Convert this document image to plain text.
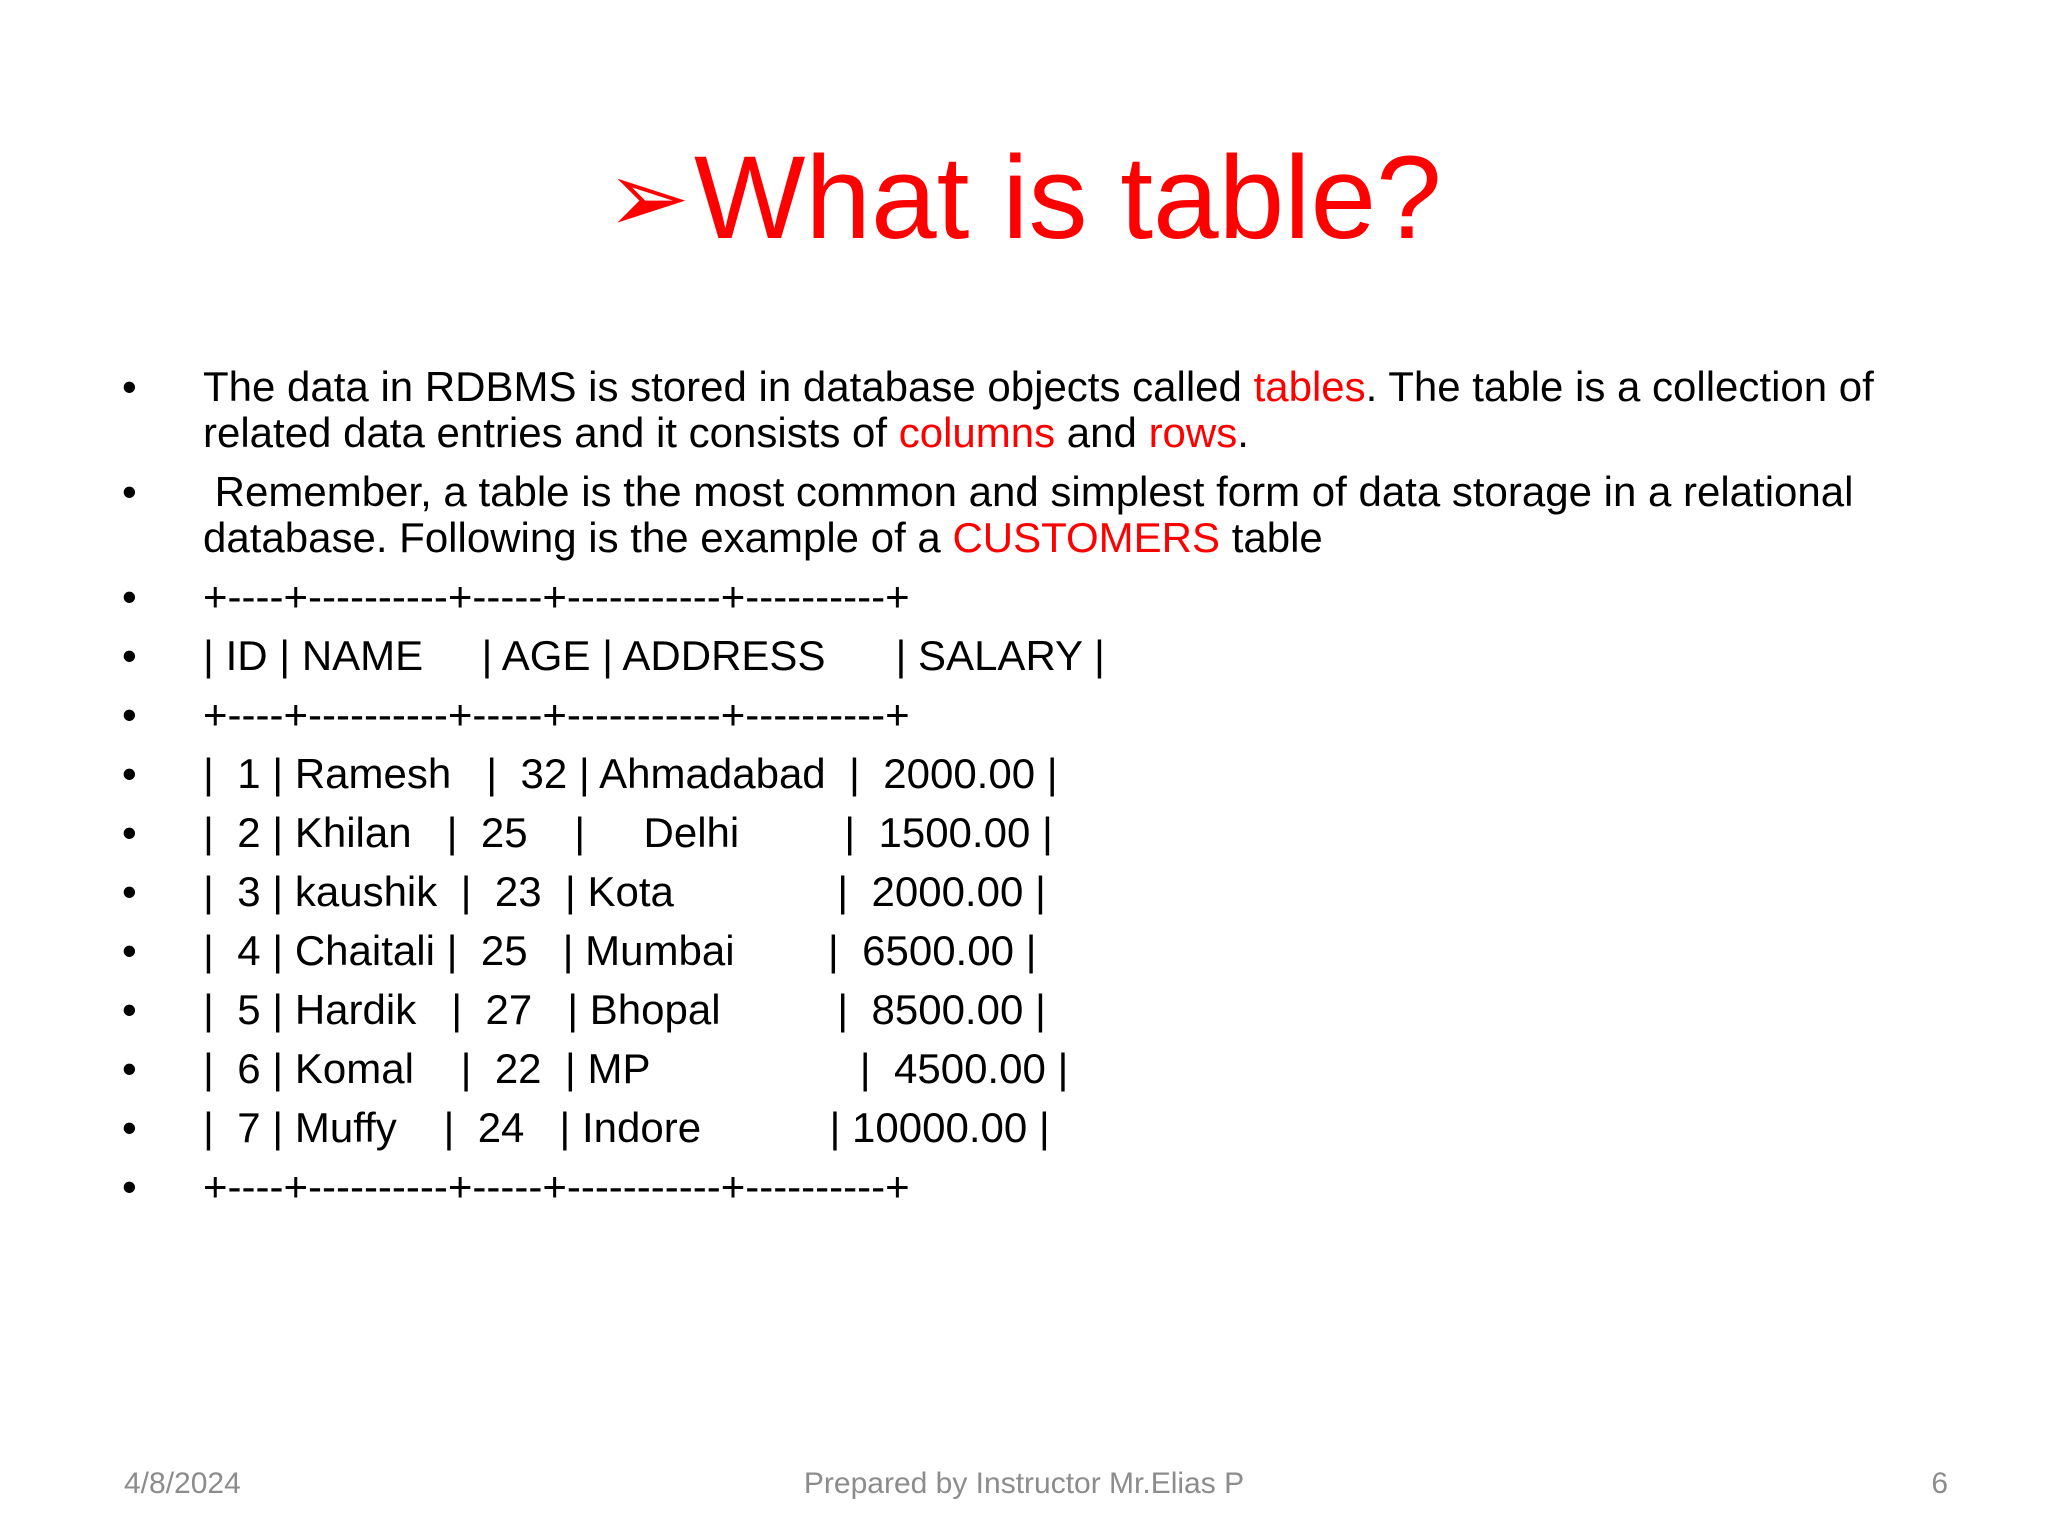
➢What is table?
• The data in RDBMS is stored in database objects called tables. The table is a collection of related data entries and it consists of columns and rows.
• Remember, a table is the most common and simplest form of data storage in a relational database. Following is the example of a CUSTOMERS table
• +----+----------+-----+-----------+----------+
• | ID | NAME     | AGE | ADDRESS      | SALARY |
• +----+----------+-----+-----------+----------+
• |  1 | Ramesh   |  32 | Ahmadabad  |  2000.00 |
• |  2 | Khilan   |  25    |     Delhi         |  1500.00 |
• |  3 | kaushik  |  23  | Kota              |  2000.00 |
• |  4 | Chaitali |  25   | Mumbai        |  6500.00 |
• |  5 | Hardik   |  27   | Bhopal          |  8500.00 |
• |  6 | Komal    |  22  | MP                  |  4500.00 |
• |  7 | Muffy    |  24   | Indore           | 10000.00 |
• +----+----------+-----+-----------+----------+
4/8/2024	Prepared by Instructor Mr.Elias P	6
